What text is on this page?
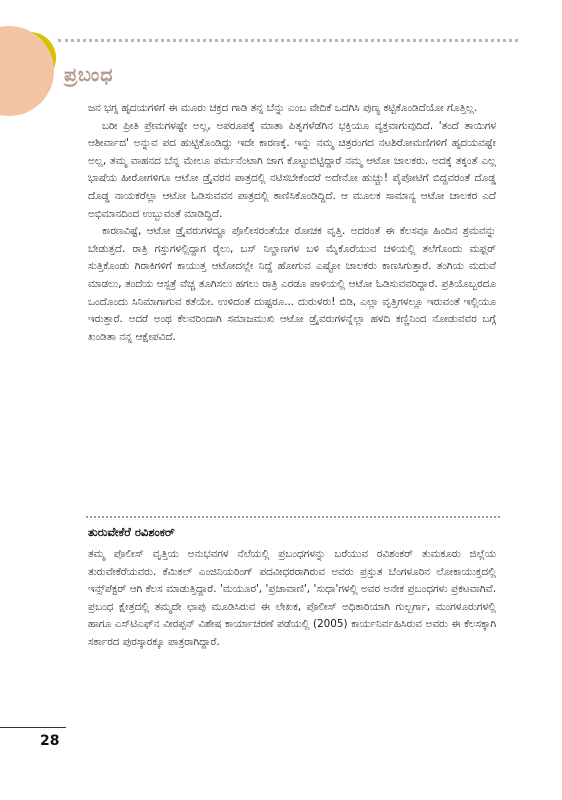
ಪ್ರಬಂಧ

ಜನ ಭಗ್ನ ಹೃದಯಗಳಿಗೆ ಈ ಮೂರು ಚಕ್ರದ ಗಾಡಿ ತನ್ನ ಬೆನ್ನು ಎಂಬ ವೇದಿಕೆ ಒದಗಿಸಿ ಪುಣ್ಯ ಕಟ್ಟಿಕೊಂಡಿದೆಯೋ ಗೊತ್ತಿಲ್ಲ.

ಬರೀ ಪ್ರೀತಿ ಪ್ರೇಮಗಳಷ್ಟೇ ಅಲ್ಲ, ಅಪರೂಪಕ್ಕೆ ಮಾತಾ ಪಿತೃಗಳೆಡೆಗಿನ ಭಕ್ತಿಯೂ ವ್ಯಕ್ತವಾಗುವುದಿದೆ. 'ತಂದೆ ತಾಯಿಗಳ ಆಶೀರ್ವಾದ' ಅನ್ನುವ ಪದ ಹುಟ್ಟಿಕೊಂಡಿದ್ದು ಇದೇ ಕಾರಣಕ್ಕೆ. ಇನ್ನು ನಮ್ಮ ಚಿತ್ರರಂಗದ ನಟಶಿರೋಮಣಿಗಳಿಗೆ ಹೃದಯವಷ್ಟೇ ಅಲ್ಲ, ತಮ್ಮ ವಾಹನದ ಬೆನ್ನ ಮೇಲೂ ಪರ್ಮನೆಂಟಾಗಿ ಜಾಗ ಕೊಟ್ಟುಬಿಟ್ಟಿದ್ದಾರೆ ನಮ್ಮ ಆಟೋ ಚಾಲಕರು. ಅದಕ್ಕೆ ತಕ್ಕಂತೆ ಎಲ್ಲ ಭಾಷೆಯ ಹೀರೋಗಳಿಗೂ ಆಟೋ ಡ್ರೈವರನ ಪಾತ್ರದಲ್ಲಿ ನಟಿಸಬೇಕೆಂದರೆ ಅದೇನೋ ಹುಚ್ಚು! ಪೈಪೋಟಿಗೆ ಬಿದ್ದವರಂತೆ ದೊಡ್ಡ ದೊಡ್ಡ ನಾಯಕರೆಲ್ಲಾ ಆಟೋ ಓಡಿಸುವವನ ಪಾತ್ರದಲ್ಲಿ ಕಾಣಿಸಿಕೊಂಡಿದ್ದಿದೆ. ಆ ಮೂಲಕ ಸಾಮಾನ್ಯ ಆಟೋ ಚಾಲಕರ ಎದೆ ಅಭಿಮಾನದಿಂದ ಉಬ್ಬುವಂತೆ ಮಾಡಿದ್ದಿದೆ.

ಕಾರಣವಿಷ್ಟೆ, ಆಟೋ ಡ್ರೈವರುಗಳದ್ದೂ ಪೊಲೀಸರಂತೆಯೇ ರೋಚಕ ವೃತ್ತಿ. ಅದರಂತೆ ಈ ಕೆಲಸವೂ ಹಿಂದಿನ ಶ್ರಮವನ್ನು ಬೇಡುತ್ತದೆ. ರಾತ್ರಿ ಗಸ್ತುಗಳಲ್ಲಿದ್ದಾಗ ರೈಲು, ಬಸ್ ನಿಲ್ದಾಣಗಳ ಬಳಿ ಮೈಕೊರೆಯುವ ಚಳಿಯಲ್ಲಿ ತಲೆಗೊಂದು ಮಫ್ಲರ್ ಸುತ್ತಿಕೊಂಡು ಗಿರಾಕಿಗಳಿಗೆ ಕಾಯುತ್ತ ಆಟೋದಲ್ಲೇ ನಿದ್ದೆ ಹೋಗುವ ಎಷ್ಟೋ ಚಾಲಕರು ಕಾಣಸಿಗುತ್ತಾರೆ. ತಂಗಿಯ ಮದುವೆ ಮಾಡಲು, ತಂದೆಯ ಆಸ್ಪತ್ರೆ ವೆಚ್ಚ ತೂಗಿಸಲು ಹಗಲು ರಾತ್ರಿ ಎರಡೂ ಪಾಳಿಯಲ್ಲಿ ಆಟೋ ಓಡಿಸುವವರಿದ್ದಾರೆ. ಪ್ರತಿಯೊಬ್ಬರದೂ ಒಂದೊಂದು ಸಿನಿಮಾಗಾಗುವ ಕತೆಯೇ. ಉಳಿದಂತೆ ದುಷ್ಟರೂ... ದುರುಳರು! ಬಿಡಿ, ಎಲ್ಲಾ ವೃತ್ತಿಗಳಲ್ಲೂ ಇರುವಂತೆ ಇಲ್ಲಿಯೂ ಇರುತ್ತಾರೆ. ಅದರೆ ಅಂಥ ಕೆಲವರಿಂದಾಗಿ ಸಮಾಜಮುಖಿ ಆಟೋ ಡ್ರೈವರುಗಳನ್ನೆಲ್ಲಾ ಹಳದಿ ಕಣ್ಣಿನಿಂದ ನೋಡುವವರ ಬಗ್ಗೆ ಖಂಡಿತಾ ನನ್ನ ಆಕ್ಷೇಪವಿದೆ.

ತುರುವೇಕೆರೆ ರವಿಶಂಕರ್

ತಮ್ಮ ಪೊಲೀಸ್ ವೃತ್ತಿಯ ಅನುಭವಗಳ ನೆಲೆಯಲ್ಲಿ ಪ್ರಬಂಧಗಳನ್ನು ಬರೆಯುವ ರವಿಶಂಕರ್ ತುಮಕೂರು ಜಿಲ್ಲೆಯ ತುರುವೇಕೆರೆಯವರು. ಕೆಮಿಕಲ್ ಎಂಜಿನಿಯರಿಂಗ್ ಪದವೀಧರರಾಗಿರುವ ಅವರು ಪ್ರಸ್ತುತ ಬೆಂಗಳೂರಿನ ಲೋಕಾಯುಕ್ತದಲ್ಲಿ ಇನ್ಸ್‌ಪೆಕ್ಟರ್ ಆಗಿ ಕೆಲಸ ಮಾಡುತ್ತಿದ್ದಾರೆ. 'ಮಯೂರ', 'ಪ್ರಜಾವಾಣಿ', 'ಸುಧಾ'ಗಳಲ್ಲಿ ಅವರ ಅನೇಕ ಪ್ರಬಂಧಗಳು ಪ್ರಕಟವಾಗಿವೆ. ಪ್ರಬಂಧ ಕ್ಷೇತ್ರದಲ್ಲಿ ತಮ್ಮದೇ ಛಾಪು ಮೂಡಿಸಿರುವ ಈ ಲೇಖಕ, ಪೊಲೀಸ್ ಅಧಿಕಾರಿಯಾಗಿ ಗುಲ್ಬರ್ಗಾ, ಮಂಗಳೂರುಗಳಲ್ಲಿ ಹಾಗೂ ಎಸ್‌ಟಿಎಫ್‌ನ ವೀರಪ್ಪನ್ ವಿಶೇಷ ಕಾರ್ಯಾಚರಣೆ ಪಡೆಯಲ್ಲಿ (2005) ಕಾರ್ಯನಿರ್ವಹಿಸಿರುವ ಅವರು ಈ ಕೆಲಸಕ್ಕಾಗಿ ಸರ್ಕಾರದ ಪುರಸ್ಕಾರಕ್ಕೂ ಪಾತ್ರರಾಗಿದ್ದಾರೆ.

28
